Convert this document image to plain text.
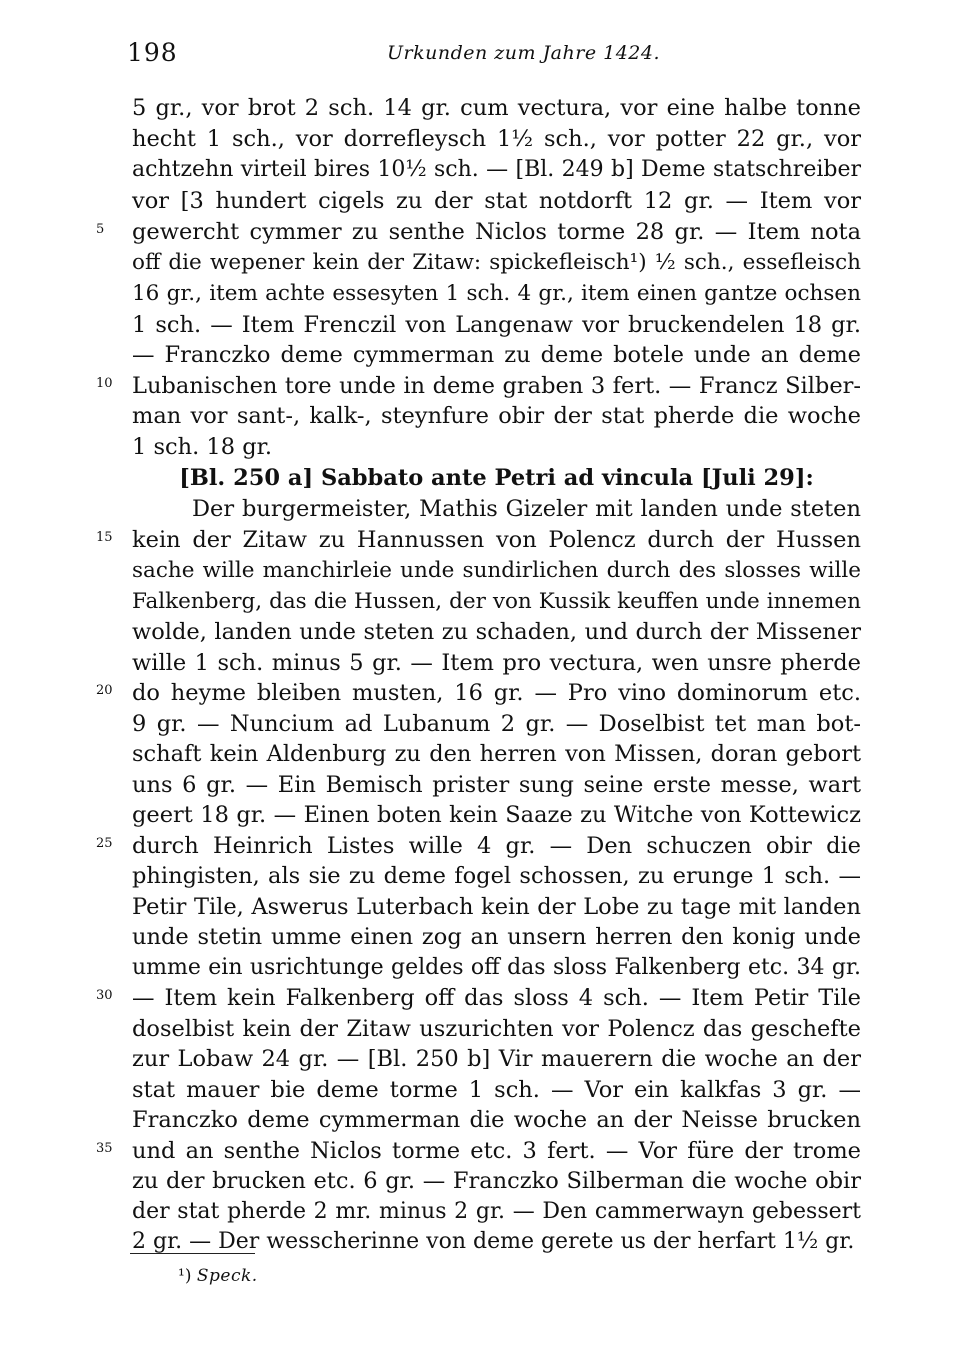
198	Urkunden zum Jahre 1424.
5 gr., vor brot 2 sch. 14 gr. cum vectura, vor eine halbe tonne
hecht 1 sch., vor dorrefleysch 1½ sch., vor potter 22 gr., vor
achtzehn virteil bires 10½ sch. — [Bl. 249 b] Deme statschreiber
vor [3 hundert cigels zu der stat notdorft 12 gr. — Item vor
gewercht cymmer zu senthe Niclos torme 28 gr. — Item nota
off die wepener kein der Zitaw: spickefleisch¹) ½ sch., essefleisch
16 gr., item achte essesyten 1 sch. 4 gr., item einen gantze ochsen
1 sch. — Item Frenczil von Langenaw vor bruckendelen 18 gr.
— Franczko deme cymmerman zu deme botele unde an deme
Lubanischen tore unde in deme graben 3 fert. — Francz Silber-
man vor sant-, kalk-, steynfure obir der stat pherde die woche
1 sch. 18 gr.
[Bl. 250 a] Sabbato ante Petri ad vincula [Juli 29]:
Der burgermeister, Mathis Gizeler mit landen unde steten
kein der Zitaw zu Hannussen von Polencz durch der Hussen
sache wille manchirleie unde sundirlichen durch des slosses wille
Falkenberg, das die Hussen, der von Kussik keuffen unde innemen
wolde, landen unde steten zu schaden, und durch der Missener
wille 1 sch. minus 5 gr. — Item pro vectura, wen unsre pherde
do heyme bleiben musten, 16 gr. — Pro vino dominorum etc.
9 gr. — Nuncium ad Lubanum 2 gr. — Doselbist tet man bot-
schaft kein Aldenburg zu den herren von Missen, doran gebort
uns 6 gr. — Ein Bemisch prister sung seine erste messe, wart
geert 18 gr. — Einen boten kein Saaze zu Witche von Kottewicz
durch Heinrich Listes wille 4 gr. — Den schuczen obir die
phingisten, als sie zu deme fogel schossen, zu erunge 1 sch. —
Petir Tile, Aswerus Luterbach kein der Lobe zu tage mit landen
unde stetin umme einen zog an unsern herren den konig unde
umme ein usrichtunge geldes off das sloss Falkenberg etc. 34 gr.
— Item kein Falkenberg off das sloss 4 sch. — Item Petir Tile
doselbist kein der Zitaw uszurichten vor Polencz das geschefte
zur Lobaw 24 gr. — [Bl. 250 b] Vir mauerern die woche an der
stat mauer bie deme torme 1 sch. — Vor ein kalkfas 3 gr. —
Franczko deme cymmerman die woche an der Neisse brucken
und an senthe Niclos torme etc. 3 fert. — Vor füre der trome
zu der brucken etc. 6 gr. — Franczko Silberman die woche obir
der stat pherde 2 mr. minus 2 gr. — Den cammerwayn gebessert
2 gr. — Der wesscherinne von deme gerete us der herfart 1½ gr.
5
10
15
20
25
30
35
¹) Speck.
